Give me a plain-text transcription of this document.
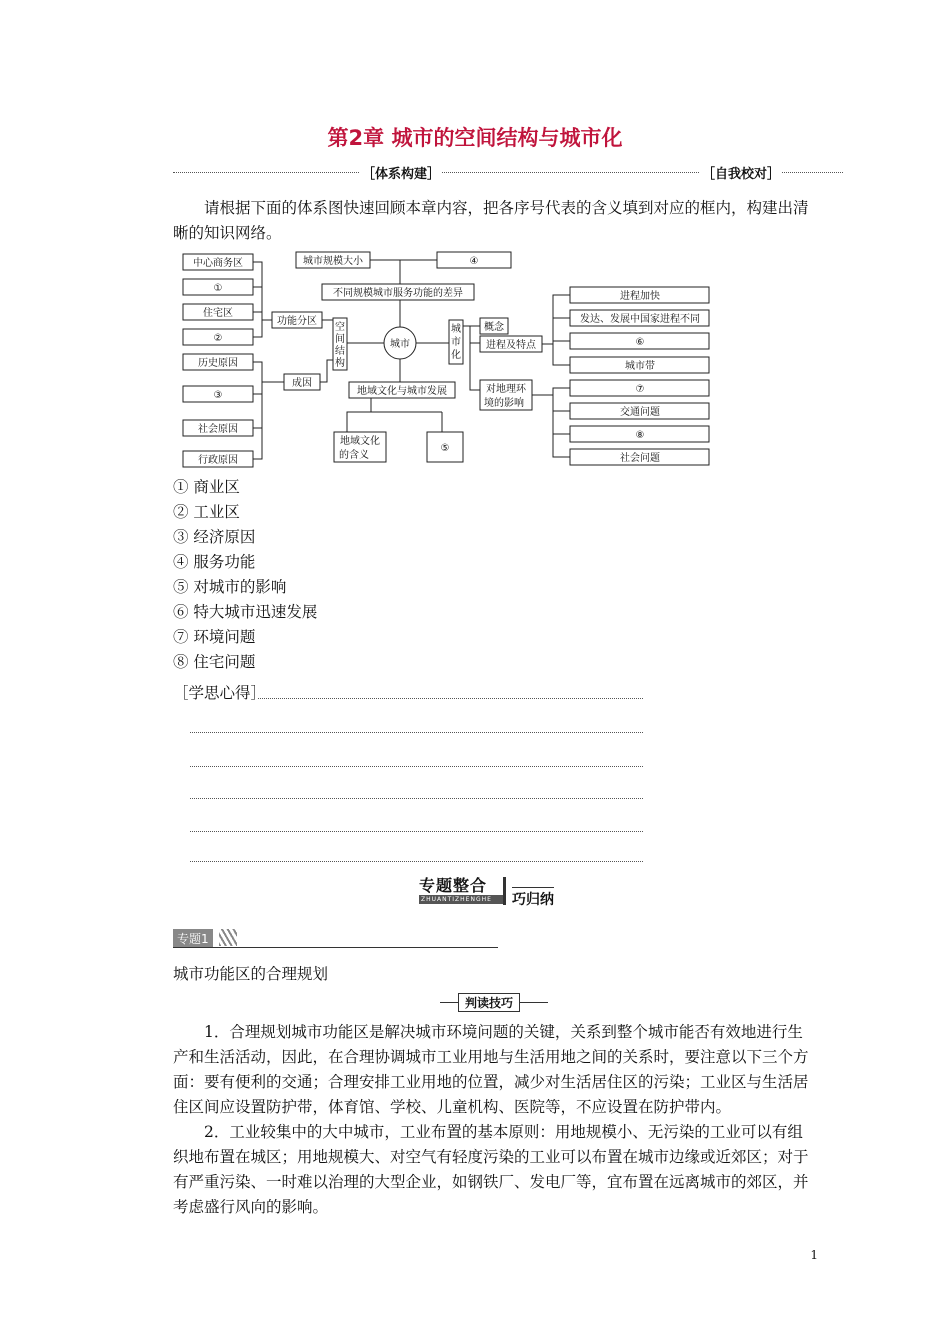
第2章 城市的空间结构与城市化
［体系构建］	［自我校对］
请根据下面的体系图快速回顾本章内容，把各序号代表的含义填到对应的框内，构建出清晰的知识网络。
中心商务区
①
住宅区
②
历史原因
③
社会原因
行政原因
功能分区
成因
空
间
结
构
城市
城市规模大小	④
不同规模城市服务功能的差异
地域文化与城市发展
地域文化
的含义
⑤
城
市
化
概念
进程及特点
对地理环
境的影响
进程加快
发达、发展中国家进程不同
⑥
城市带
⑦
交通问题
⑧
社会问题
① 商业区
② 工业区
③ 经济原因
④ 服务功能
⑤ 对城市的影响
⑥ 特大城市迅速发展
⑦ 环境问题
⑧ 住宅问题
［学思心得］
专题整合
ZHUANTIZHENGHE	巧归纳
专题1
城市功能区的合理规划
判读技巧
1．合理规划城市功能区是解决城市环境问题的关键，关系到整个城市能否有效地进行生产和生活活动，因此，在合理协调城市工业用地与生活用地之间的关系时，要注意以下三个方面：要有便利的交通；合理安排工业用地的位置，减少对生活居住区的污染；工业区与生活居住区间应设置防护带，体育馆、学校、儿童机构、医院等，不应设置在防护带内。
2．工业较集中的大中城市，工业布置的基本原则：用地规模小、无污染的工业可以有组织地布置在城区；用地规模大、对空气有轻度污染的工业可以布置在城市边缘或近郊区；对于有严重污染、一时难以治理的大型企业，如钢铁厂、发电厂等，宜布置在远离城市的郊区，并考虑盛行风向的影响。
1
